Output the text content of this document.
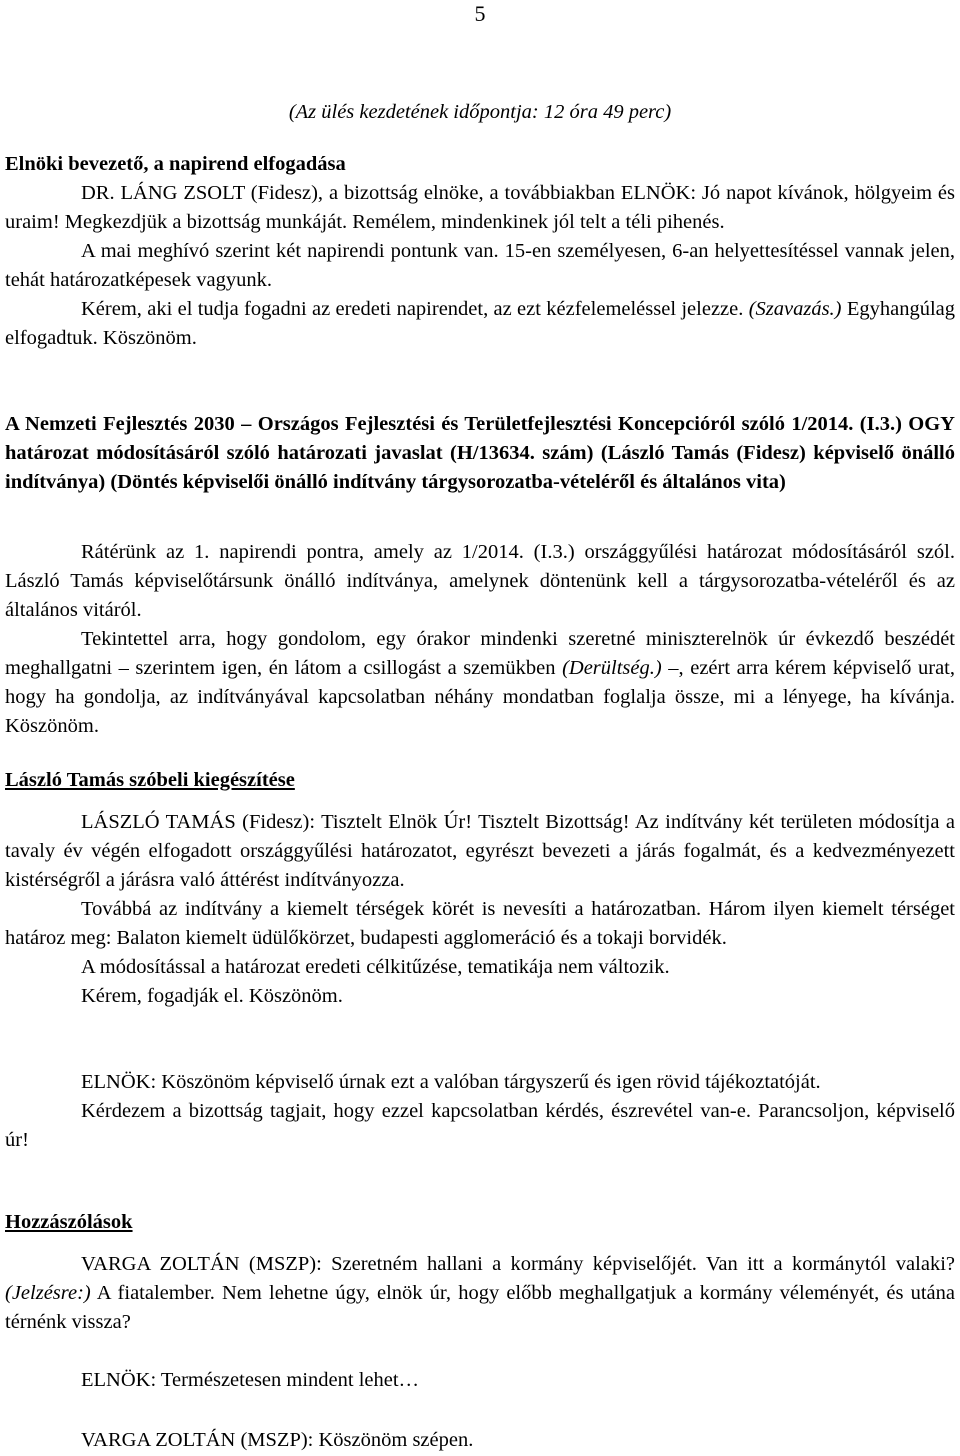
5
(Az ülés kezdetének időpontja: 12 óra 49 perc)

Elnöki bevezető, a napirend elfogadása

DR. LÁNG ZSOLT (Fidesz), a bizottság elnöke, a továbbiakban ELNÖK: Jó napot kívánok, hölgyeim és uraim! Megkezdjük a bizottság munkáját. Remélem, mindenkinek jól telt a téli pihenés.

A mai meghívó szerint két napirendi pontunk van. 15-en személyesen, 6-an helyettesítéssel vannak jelen, tehát határozatképesek vagyunk.

Kérem, aki el tudja fogadni az eredeti napirendet, az ezt kézfelemeléssel jelezze. (Szavazás.) Egyhangúlag elfogadtuk. Köszönöm.

A Nemzeti Fejlesztés 2030 – Országos Fejlesztési és Területfejlesztési Koncepcióról szóló 1/2014. (I.3.) OGY határozat módosításáról szóló határozati javaslat (H/13634. szám) (László Tamás (Fidesz) képviselő önálló indítványa) (Döntés képviselői önálló indítvány tárgysorozatba-vételéről és általános vita)

Rátérünk az 1. napirendi pontra, amely az 1/2014. (I.3.) országgyűlési határozat módosításáról szól. László Tamás képviselőtársunk önálló indítványa, amelynek döntenünk kell a tárgysorozatba-vételéről és az általános vitáról.

Tekintettel arra, hogy gondolom, egy órakor mindenki szeretné miniszterelnök úr évkezdő beszédét meghallgatni – szerintem igen, én látom a csillogást a szemükben (Derültség.) –, ezért arra kérem képviselő urat, hogy ha gondolja, az indítványával kapcsolatban néhány mondatban foglalja össze, mi a lényege, ha kívánja. Köszönöm.

László Tamás szóbeli kiegészítése

LÁSZLÓ TAMÁS (Fidesz): Tisztelt Elnök Úr! Tisztelt Bizottság! Az indítvány két területen módosítja a tavaly év végén elfogadott országgyűlési határozatot, egyrészt bevezeti a járás fogalmát, és a kedvezményezett kistérségről a járásra való áttérést indítványozza.

Továbbá az indítvány a kiemelt térségek körét is nevesíti a határozatban. Három ilyen kiemelt térséget határoz meg: Balaton kiemelt üdülőkörzet, budapesti agglomeráció és a tokaji borvidék.

A módosítással a határozat eredeti célkitűzése, tematikája nem változik.

Kérem, fogadják el. Köszönöm.

ELNÖK: Köszönöm képviselő úrnak ezt a valóban tárgyszerű és igen rövid tájékoztatóját.

Kérdezem a bizottság tagjait, hogy ezzel kapcsolatban kérdés, észrevétel van-e. Parancsoljon, képviselő úr!

Hozzászólások

VARGA ZOLTÁN (MSZP): Szeretném hallani a kormány képviselőjét. Van itt a kormánytól valaki? (Jelzésre:) A fiatalember. Nem lehetne úgy, elnök úr, hogy előbb meghallgatjuk a kormány véleményét, és utána térnénk vissza?

ELNÖK: Természetesen mindent lehet…

VARGA ZOLTÁN (MSZP): Köszönöm szépen.
